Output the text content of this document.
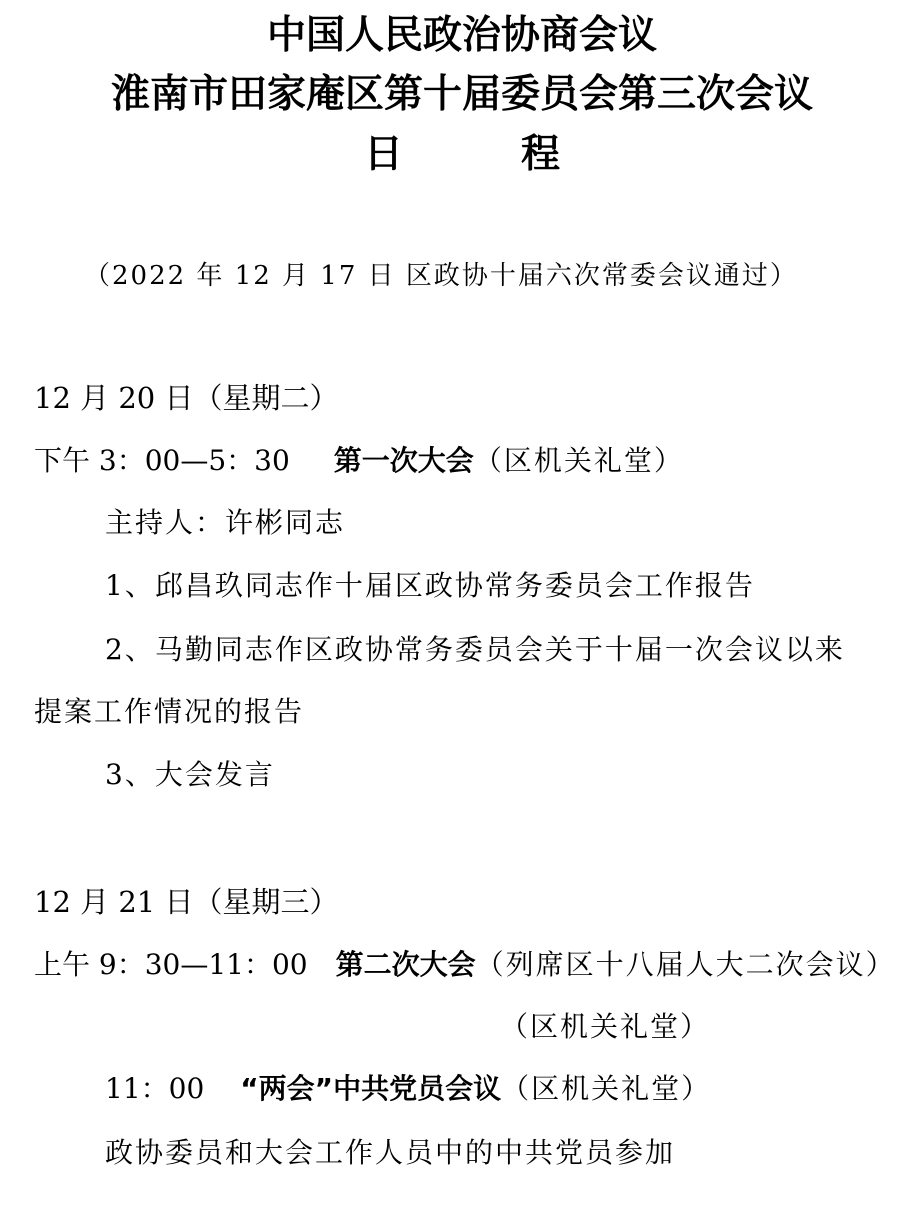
中国人民政治协商会议
淮南市田家庵区第十届委员会第三次会议
日	程
（2022 年 12 月 17 日 区政协十届六次常委会议通过）
12 月 20 日（星期二）
下午 3：00—5：30 第一次大会（区机关礼堂）
主持人：许彬同志
1、邱昌玖同志作十届区政协常务委员会工作报告
2、马勤同志作区政协常务委员会关于十届一次会议以来
提案工作情况的报告
3、大会发言
12 月 21 日（星期三）
上午 9：30—11：00 第二次大会（列席区十八届人大二次会议）
（区机关礼堂）
11：00 “两会”中共党员会议（区机关礼堂）
政协委员和大会工作人员中的中共党员参加
